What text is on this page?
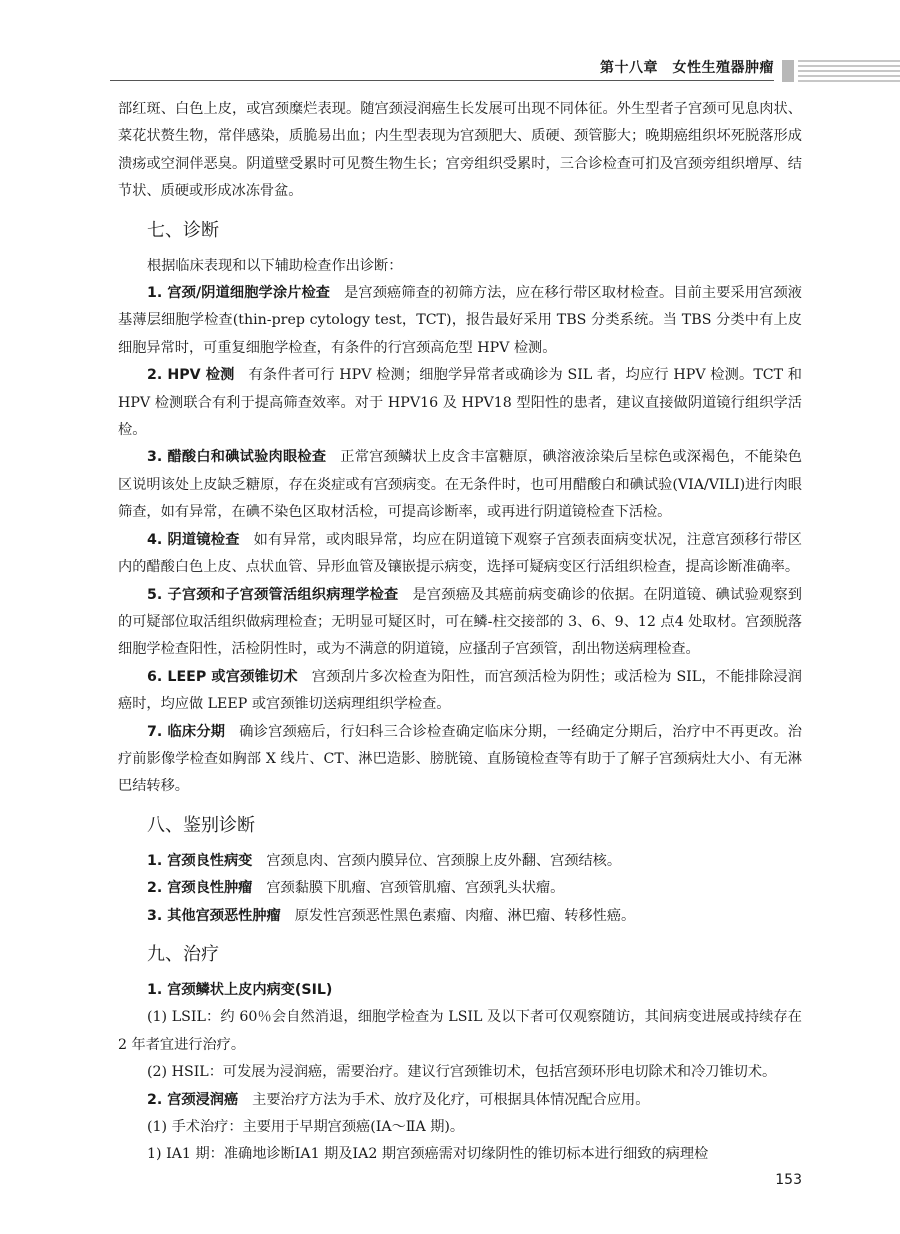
第十八章　女性生殖器肿瘤

部红斑、白色上皮，或宫颈糜烂表现。随宫颈浸润癌生长发展可出现不同体征。外生型者子宫颈可见息肉状、菜花状赘生物，常伴感染，质脆易出血；内生型表现为宫颈肥大、质硬、颈管膨大；晚期癌组织坏死脱落形成溃疡或空洞伴恶臭。阴道壁受累时可见赘生物生长；宫旁组织受累时，三合诊检查可扪及宫颈旁组织增厚、结节状、质硬或形成冰冻骨盆。

七、诊断

根据临床表现和以下辅助检查作出诊断：

1. 宫颈/阴道细胞学涂片检查 是宫颈癌筛查的初筛方法，应在移行带区取材检查。目前主要采用宫颈液基薄层细胞学检查(thin-prep cytology test，TCT)，报告最好采用 TBS 分类系统。当 TBS 分类中有上皮细胞异常时，可重复细胞学检查，有条件的行宫颈高危型 HPV 检测。

2. HPV 检测 有条件者可行 HPV 检测；细胞学异常者或确诊为 SIL 者，均应行 HPV 检测。TCT 和 HPV 检测联合有利于提高筛查效率。对于 HPV16 及 HPV18 型阳性的患者，建议直接做阴道镜行组织学活检。

3. 醋酸白和碘试验肉眼检查 正常宫颈鳞状上皮含丰富糖原，碘溶液涂染后呈棕色或深褐色，不能染色区说明该处上皮缺乏糖原，存在炎症或有宫颈病变。在无条件时，也可用醋酸白和碘试验(VIA/VILI)进行肉眼筛查，如有异常，在碘不染色区取材活检，可提高诊断率，或再进行阴道镜检查下活检。

4. 阴道镜检查 如有异常，或肉眼异常，均应在阴道镜下观察子宫颈表面病变状况，注意宫颈移行带区内的醋酸白色上皮、点状血管、异形血管及镶嵌提示病变，选择可疑病变区行活组织检查，提高诊断准确率。

5. 子宫颈和子宫颈管活组织病理学检查 是宫颈癌及其癌前病变确诊的依据。在阴道镜、碘试验观察到的可疑部位取活组织做病理检查；无明显可疑区时，可在鳞-柱交接部的 3、6、9、12 点4 处取材。宫颈脱落细胞学检查阳性，活检阴性时，或为不满意的阴道镜，应搔刮子宫颈管，刮出物送病理检查。

6. LEEP 或宫颈锥切术 宫颈刮片多次检查为阳性，而宫颈活检为阴性；或活检为 SIL，不能排除浸润癌时，均应做 LEEP 或宫颈锥切送病理组织学检查。

7. 临床分期 确诊宫颈癌后，行妇科三合诊检查确定临床分期，一经确定分期后，治疗中不再更改。治疗前影像学检查如胸部 X 线片、CT、淋巴造影、膀胱镜、直肠镜检查等有助于了解子宫颈病灶大小、有无淋巴结转移。

八、鉴别诊断

1. 宫颈良性病变 宫颈息肉、宫颈内膜异位、宫颈腺上皮外翻、宫颈结核。

2. 宫颈良性肿瘤 宫颈黏膜下肌瘤、宫颈管肌瘤、宫颈乳头状瘤。

3. 其他宫颈恶性肿瘤 原发性宫颈恶性黑色素瘤、肉瘤、淋巴瘤、转移性癌。

九、治疗

1. 宫颈鳞状上皮内病变(SIL)

(1) LSIL：约 60％会自然消退，细胞学检查为 LSIL 及以下者可仅观察随访，其间病变进展或持续存在 2 年者宜进行治疗。

(2) HSIL：可发展为浸润癌，需要治疗。建议行宫颈锥切术，包括宫颈环形电切除术和冷刀锥切术。

2. 宫颈浸润癌 主要治疗方法为手术、放疗及化疗，可根据具体情况配合应用。

(1) 手术治疗：主要用于早期宫颈癌(ⅠA～ⅡA 期)。

1) ⅠA1 期：准确地诊断ⅠA1 期及ⅠA2 期宫颈癌需对切缘阴性的锥切标本进行细致的病理检

153
